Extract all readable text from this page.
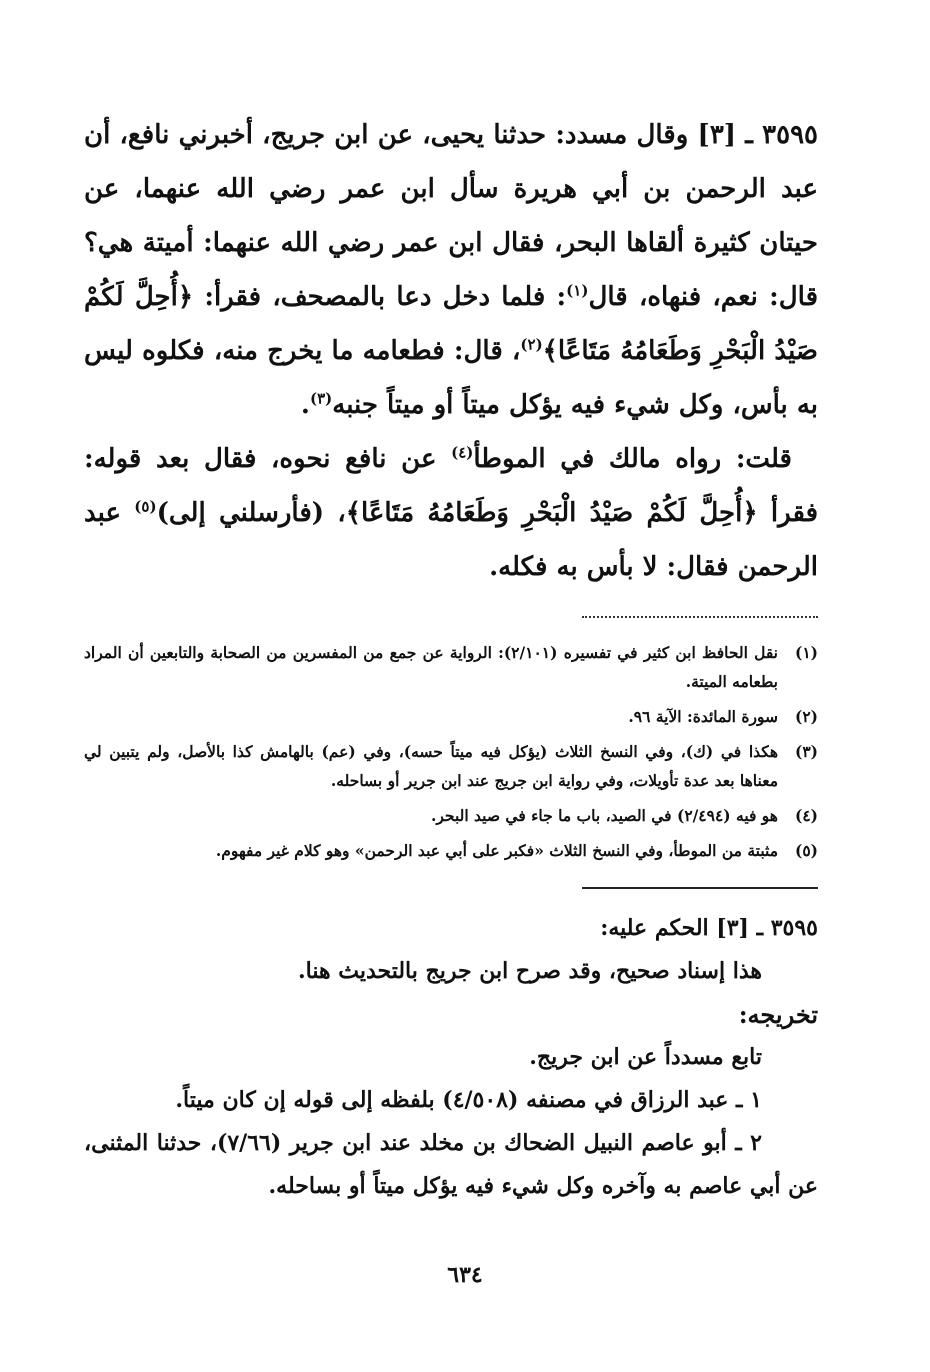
٣٥٩٥ ـ [٣] وقال مسدد: حدثنا يحيى، عن ابن جريج، أخبرني نافع، أن عبد الرحمن بن أبي هريرة سأل ابن عمر رضي الله عنهما، عن حيتان كثيرة ألقاها البحر، فقال ابن عمر رضي الله عنهما: أميتة هي؟ قال: نعم، فنهاه، قال$^{(١)}$: فلما دخل دعا بالمصحف، فقرأ: ﴿أُحِلَّ لَكُمْ صَيْدُ الْبَحْرِ وَطَعَامُهُ مَتَاعًا﴾$^{(٢)}$، قال: فطعامه ما يخرج منه، فكلوه ليس به بأس، وكل شيء فيه يؤكل ميتاً أو ميتاً جنبه$^{(٣)}$.

قلت: رواه مالك في الموطأ$^{(٤)}$ عن نافع نحوه، فقال بعد قوله: فقرأ ﴿أُحِلَّ لَكُمْ صَيْدُ الْبَحْرِ وَطَعَامُهُ مَتَاعًا﴾، (فأرسلني إلى)$^{(٥)}$ عبد الرحمن فقال: لا بأس به فكله.

(١)
نقل الحافظ ابن كثير في تفسيره (٢/١٠١): الرواية عن جمع من المفسرين من الصحابة والتابعين أن المراد بطعامه الميتة.
(٢)
سورة المائدة: الآية ٩٦.
(٣)
هكذا في (ك)، وفي النسخ الثلاث (يؤكل فيه ميتاً حسه)، وفي (عم) بالهامش كذا بالأصل، ولم يتبين لي معناها بعد عدة تأويلات، وفي رواية ابن جريج عند ابن جرير أو بساحله.
(٤)
هو فيه (٢/٤٩٤) في الصيد، باب ما جاء في صيد البحر.
(٥)
مثبتة من الموطأ، وفي النسخ الثلاث «فكبر على أبي عبد الرحمن» وهو كلام غير مفهوم.

٣٥٩٥ ـ [٣] الحكم عليه:

هذا إسناد صحيح، وقد صرح ابن جريج بالتحديث هنا.

تخريجه:

تابع مسدداً عن ابن جريج.

١ ـ عبد الرزاق في مصنفه (٤/٥٠٨) بلفظه إلى قوله إن كان ميتاً.

٢ ـ أبو عاصم النبيل الضحاك بن مخلد عند ابن جرير (٧/٦٦)، حدثنا المثنى، عن أبي عاصم به وآخره وكل شيء فيه يؤكل ميتاً أو بساحله.

٦٣٤
